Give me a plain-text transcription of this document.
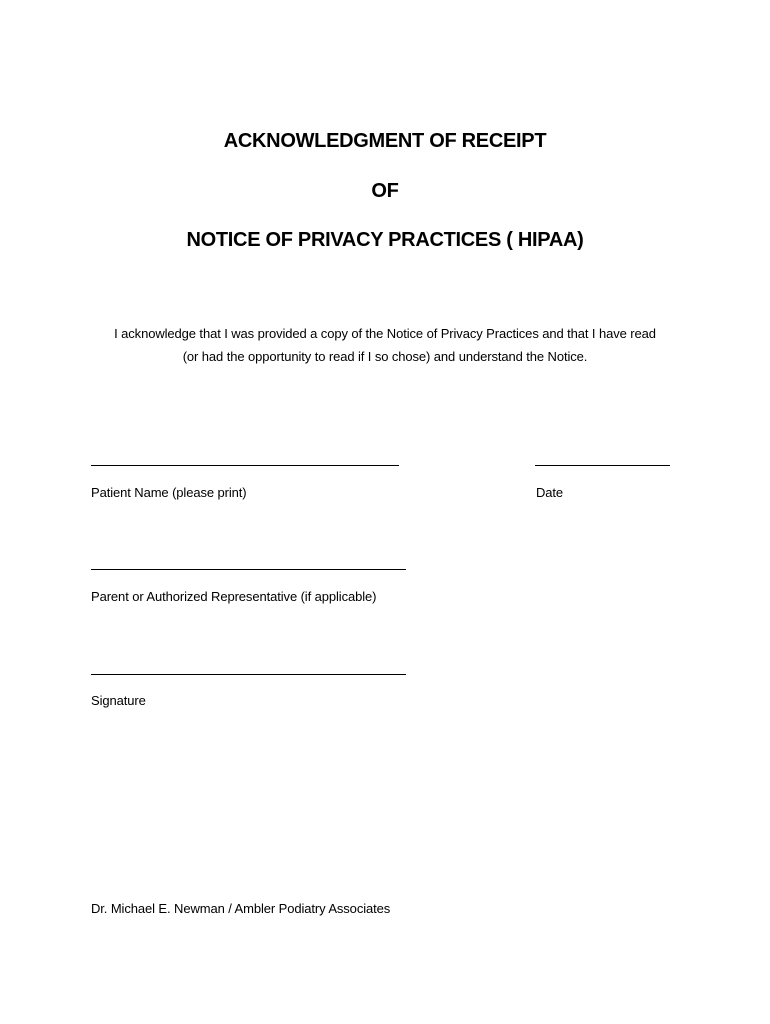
ACKNOWLEDGMENT OF RECEIPT
OF
NOTICE OF PRIVACY PRACTICES ( HIPAA)
I acknowledge that I was provided a copy of the Notice of Privacy Practices and that I have read
(or had the opportunity to read if I so chose) and understand the Notice.
Patient Name (please print)	Date
Parent or Authorized Representative (if applicable)
Signature
Dr. Michael E. Newman / Ambler Podiatry Associates
